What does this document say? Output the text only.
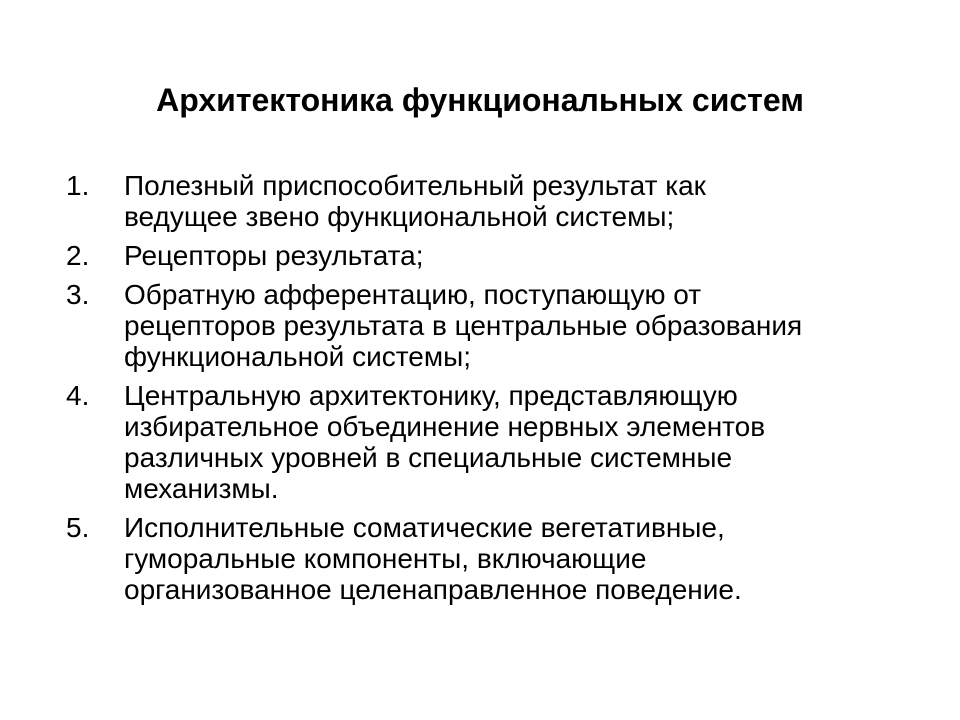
Архитектоника функциональных систем
1.	Полезный приспособительный результат как
ведущее звено функциональной системы;
2.	Рецепторы результата;
3.	Обратную афферентацию, поступающую от
рецепторов результата в центральные образования
функциональной системы;
4.	Центральную архитектонику, представляющую
избирательное объединение нервных элементов
различных уровней в специальные системные
механизмы.
5.	Исполнительные соматические вегетативные,
гуморальные компоненты, включающие
организованное целенаправленное поведение.
